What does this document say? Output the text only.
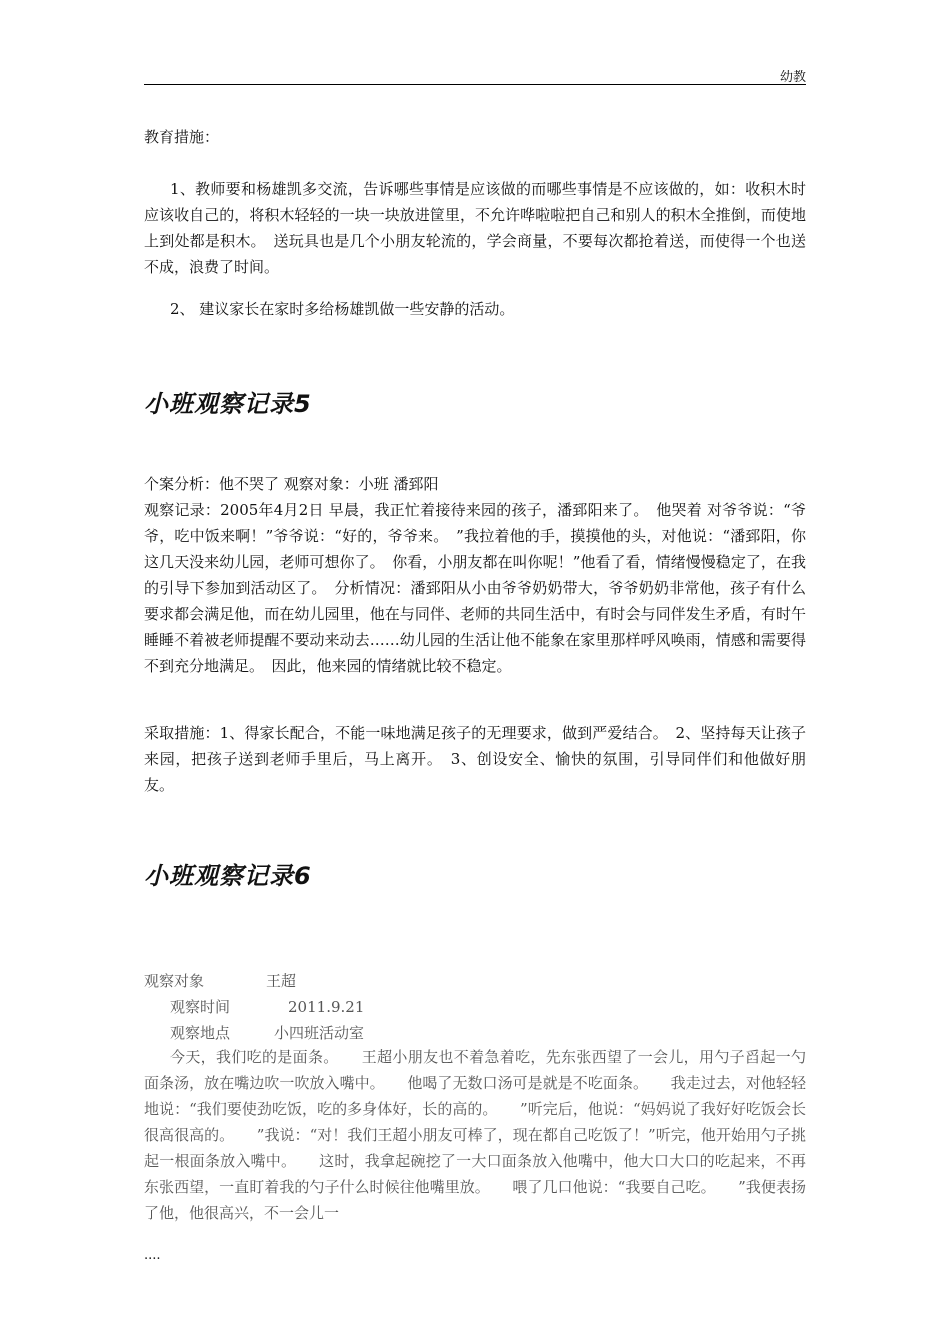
幼教
教育措施：
1、教师要和杨雄凯多交流，告诉哪些事情是应该做的而哪些事情是不应该做的，如：收积木时应该收自己的，将积木轻轻的一块一块放进筐里，不允许哗啦啦把自己和别人的积木全推倒，而使地上到处都是积木。　送玩具也是几个小朋友轮流的，学会商量，不要每次都抢着送，而使得一个也送不成，浪费了时间。
2、 建议家长在家时多给杨雄凯做一些安静的活动。
小班观察记录5
个案分析：他不哭了 观察对象：小班 潘郅阳
观察记录：2005年4月2日 早晨，我正忙着接待来园的孩子，潘郅阳来了。　他哭着 对爷爷说：“爷爷，吃中饭来啊！”爷爷说：“好的，爷爷来。　”我拉着他的手，摸摸他的头，对他说：“潘郅阳，你这几天没来幼儿园，老师可想你了。　你看，小朋友都在叫你呢！”他看了看，情绪慢慢稳定了，在我的引导下参加到活动区了。　分析情况：潘郅阳从小由爷爷奶奶带大，爷爷奶奶非常他，孩子有什么要求都会满足他，而在幼儿园里，他在与同伴、老师的共同生活中，有时会与同伴发生矛盾，有时午睡睡不着被老师提醒不要动来动去……幼儿园的生活让他不能象在家里那样呼风唤雨，情感和需要得不到充分地满足。　因此，他来园的情绪就比较不稳定。
采取措施：1、得家长配合，不能一味地满足孩子的无理要求，做到严爱结合。　2、坚持每天让孩子来园，把孩子送到老师手里后，马上离开。　3、创设安全、愉快的氛围，引导同伴们和他做好朋友。
小班观察记录6
观察对象	王超
观察时间	2011.9.21
观察地点	小四班活动室
今天，我们吃的是面条。　　王超小朋友也不着急着吃，先东张西望了一会儿，用勺子舀起一勺面条汤，放在嘴边吹一吹放入嘴中。　　他喝了无数口汤可是就是不吃面条。　　我走过去，对他轻轻地说：“我们要使劲吃饭，吃的多身体好，长的高的。　　”听完后，他说：“妈妈说了我好好吃饭会长很高很高的。　　”我说：“对！我们王超小朋友可棒了，现在都自己吃饭了！”听完，他开始用勺子挑起一根面条放入嘴中。　　这时，我拿起碗挖了一大口面条放入他嘴中，他大口大口的吃起来，不再东张西望，一直盯着我的勺子什么时候往他嘴里放。　　喂了几口他说：“我要自己吃。　　”我便表扬了他，他很高兴，不一会儿一
....
